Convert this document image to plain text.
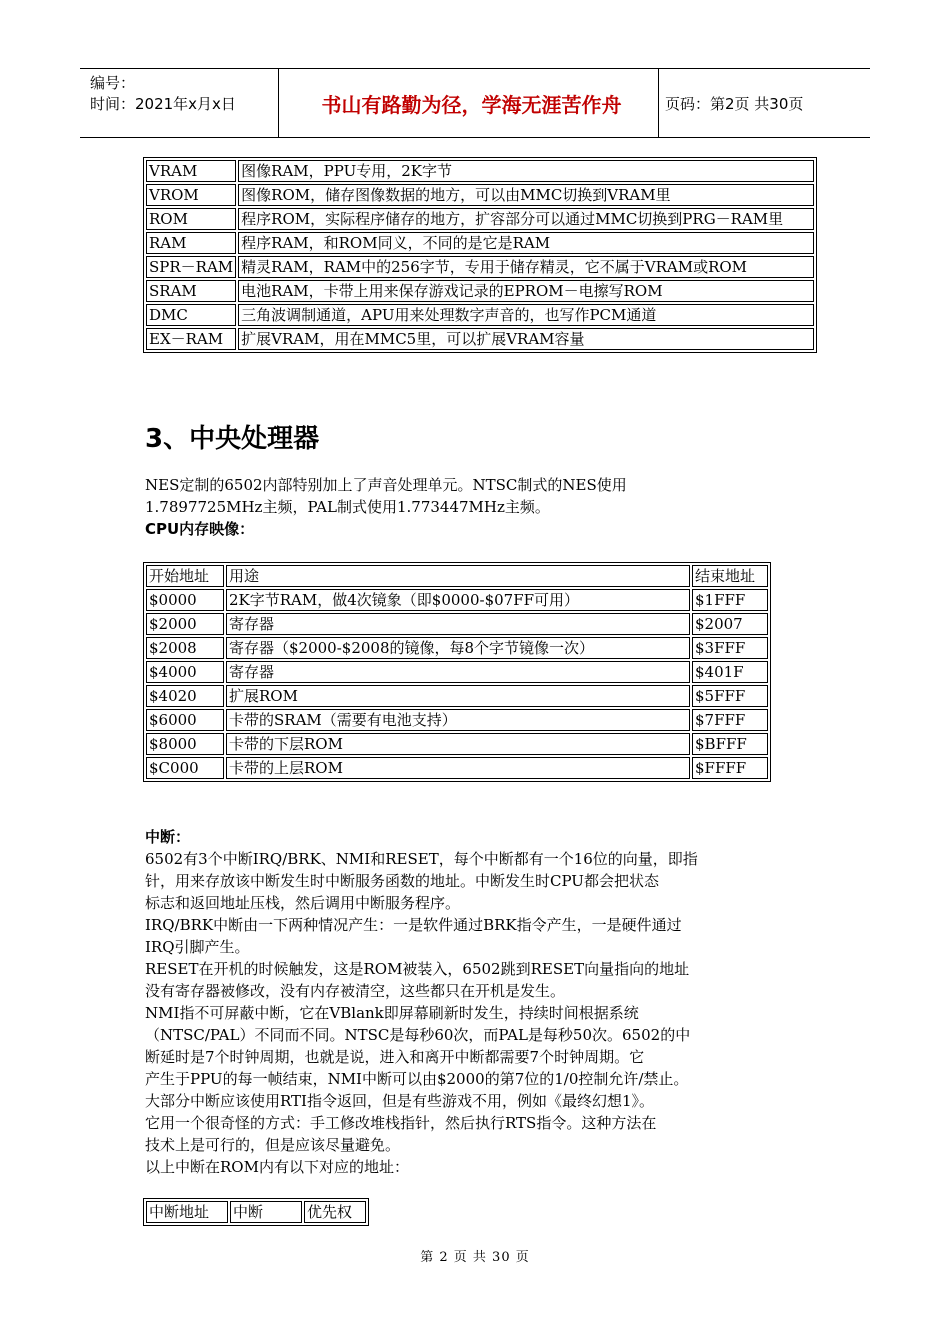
编号：
时间：2021年x月x日	书山有路勤为径，学海无涯苦作舟	页码：第2页 共30页
VRAM	图像RAM，PPU专用，2K字节
VROM	图像ROM，储存图像数据的地方，可以由MMC切换到VRAM里
ROM	程序ROM，实际程序储存的地方，扩容部分可以通过MMC切换到PRG－RAM里
RAM	程序RAM，和ROM同义，不同的是它是RAM
SPR－RAM	精灵RAM，RAM中的256字节，专用于储存精灵，它不属于VRAM或ROM
SRAM	电池RAM，卡带上用来保存游戏记录的EPROM－电擦写ROM
DMC	三角波调制通道，APU用来处理数字声音的，也写作PCM通道
EX－RAM	扩展VRAM，用在MMC5里，可以扩展VRAM容量
3、中央处理器
NES定制的6502内部特别加上了声音处理单元。NTSC制式的NES使用
1.7897725MHz主频，PAL制式使用1.773447MHz主频。
CPU内存映像：
开始地址	用途	结束地址
$0000	2K字节RAM，做4次镜象（即$0000-$07FF可用）	$1FFF
$2000	寄存器	$2007
$2008	寄存器（$2000-$2008的镜像，每8个字节镜像一次）	$3FFF
$4000	寄存器	$401F
$4020	扩展ROM	$5FFF
$6000	卡带的SRAM（需要有电池支持）	$7FFF
$8000	卡带的下层ROM	$BFFF
$C000	卡带的上层ROM	$FFFF
中断：
6502有3个中断IRQ/BRK、NMI和RESET，每个中断都有一个16位的向量，即指
针，用来存放该中断发生时中断服务函数的地址。中断发生时CPU都会把状态
标志和返回地址压栈，然后调用中断服务程序。
IRQ/BRK中断由一下两种情况产生：一是软件通过BRK指令产生，一是硬件通过
IRQ引脚产生。
RESET在开机的时候触发，这是ROM被装入，6502跳到RESET向量指向的地址
没有寄存器被修改，没有内存被清空，这些都只在开机是发生。
NMI指不可屏蔽中断，它在VBlank即屏幕刷新时发生，持续时间根据系统
（NTSC/PAL）不同而不同。NTSC是每秒60次，而PAL是每秒50次。6502的中
断延时是7个时钟周期，也就是说，进入和离开中断都需要7个时钟周期。它
产生于PPU的每一帧结束，NMI中断可以由$2000的第7位的1/0控制允许/禁止。
大部分中断应该使用RTI指令返回，但是有些游戏不用，例如《最终幻想1》。
它用一个很奇怪的方式：手工修改堆栈指针，然后执行RTS指令。这种方法在
技术上是可行的，但是应该尽量避免。
以上中断在ROM内有以下对应的地址：
中断地址	中断	优先权
第 2 页 共 30 页
